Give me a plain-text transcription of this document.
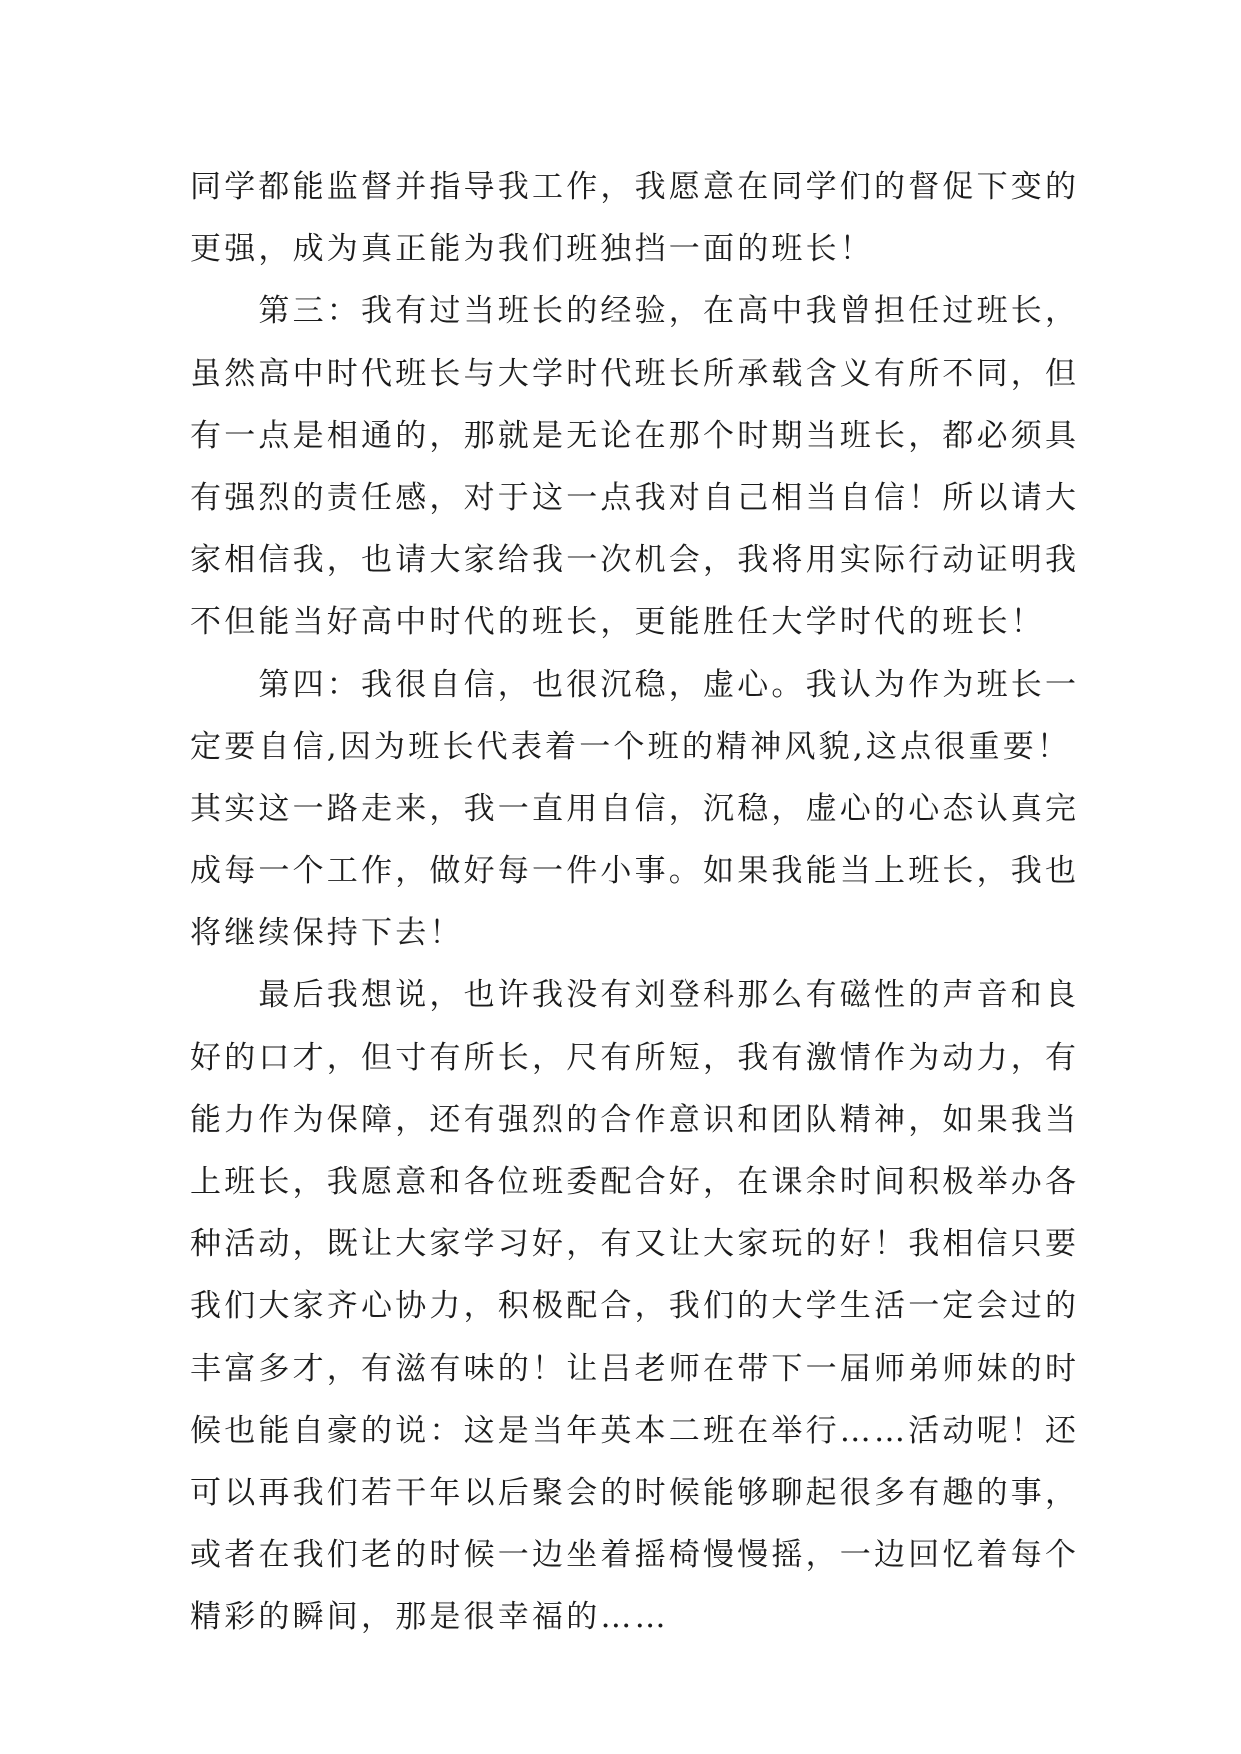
同学都能监督并指导我工作，我愿意在同学们的督促下变的
更强，成为真正能为我们班独挡一面的班长！
　　第三：我有过当班长的经验，在高中我曾担任过班长，
虽然高中时代班长与大学时代班长所承载含义有所不同，但
有一点是相通的，那就是无论在那个时期当班长，都必须具
有强烈的责任感，对于这一点我对自己相当自信！所以请大
家相信我，也请大家给我一次机会，我将用实际行动证明我
不但能当好高中时代的班长，更能胜任大学时代的班长！
　　第四：我很自信，也很沉稳，虚心。我认为作为班长一
定要自信,因为班长代表着一个班的精神风貌,这点很重要！
其实这一路走来，我一直用自信，沉稳，虚心的心态认真完
成每一个工作，做好每一件小事。如果我能当上班长，我也
将继续保持下去！
　　最后我想说，也许我没有刘登科那么有磁性的声音和良
好的口才，但寸有所长，尺有所短，我有激情作为动力，有
能力作为保障，还有强烈的合作意识和团队精神，如果我当
上班长，我愿意和各位班委配合好，在课余时间积极举办各
种活动，既让大家学习好，有又让大家玩的好！我相信只要
我们大家齐心协力，积极配合，我们的大学生活一定会过的
丰富多才，有滋有味的！让吕老师在带下一届师弟师妹的时
候也能自豪的说：这是当年英本二班在举行……活动呢！还
可以再我们若干年以后聚会的时候能够聊起很多有趣的事，
或者在我们老的时候一边坐着摇椅慢慢摇，一边回忆着每个
精彩的瞬间，那是很幸福的……
